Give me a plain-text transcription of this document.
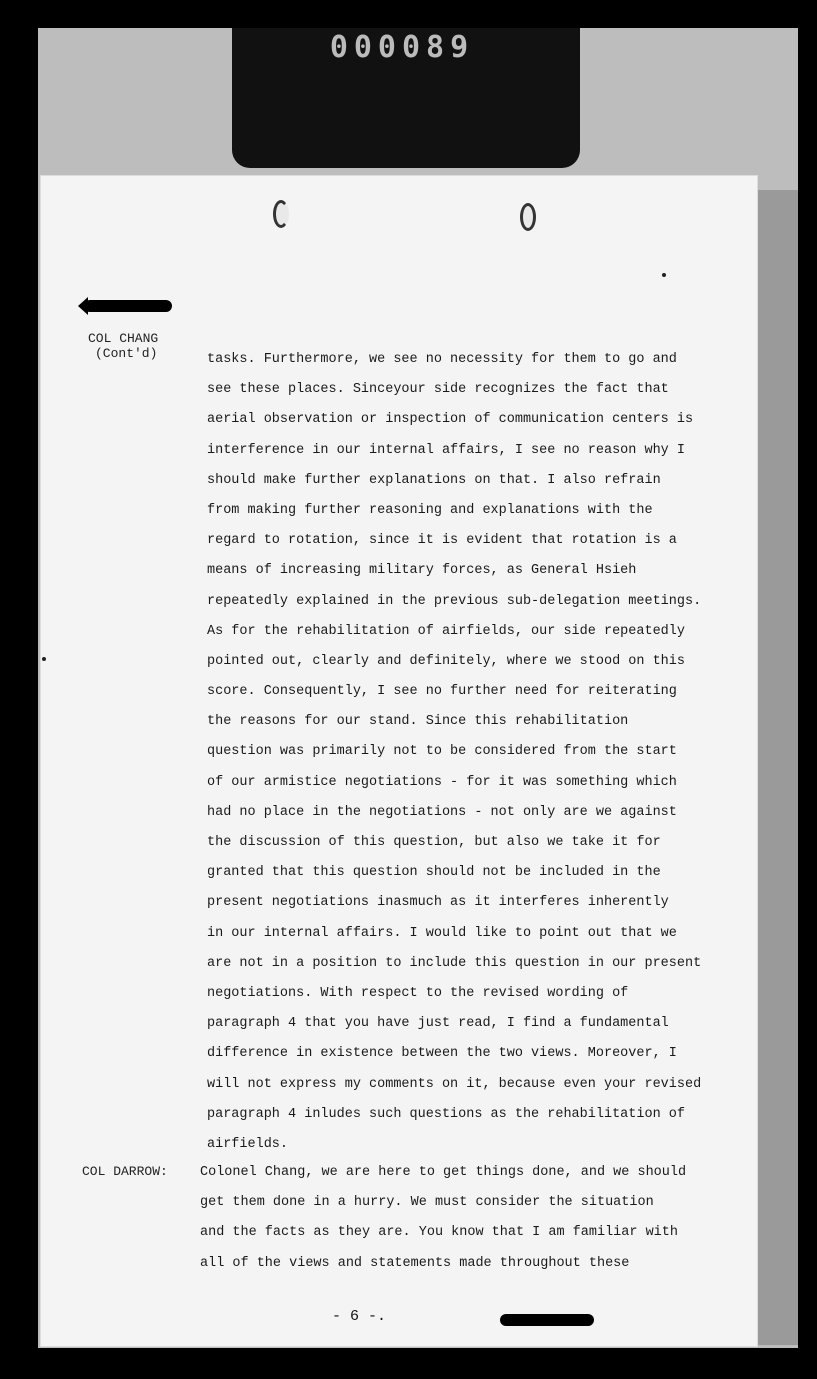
000089
COL CHANG
(Cont'd)	tasks. Furthermore, we see no necessity for them to go and
see these places. Sinceyour side recognizes the fact that
aerial observation or inspection of communication centers is
interference in our internal affairs, I see no reason why I
should make further explanations on that. I also refrain
from making further reasoning and explanations with the
regard to rotation, since it is evident that rotation is a
means of increasing military forces, as General Hsieh
repeatedly explained in the previous sub-delegation meetings.
As for the rehabilitation of airfields, our side repeatedly
pointed out, clearly and definitely, where we stood on this
score. Consequently, I see no further need for reiterating
the reasons for our stand. Since this rehabilitation
question was primarily not to be considered from the start
of our armistice negotiations - for it was something which
had no place in the negotiations - not only are we against
the discussion of this question, but also we take it for
granted that this question should not be included in the
present negotiations inasmuch as it interferes inherently
in our internal affairs. I would like to point out that we
are not in a position to include this question in our present
negotiations. With respect to the revised wording of
paragraph 4 that you have just read, I find a fundamental
difference in existence between the two views. Moreover, I
will not express my comments on it, because even your revised
paragraph 4 inludes such questions as the rehabilitation of
airfields.
COL DARROW: Colonel Chang, we are here to get things done, and we should
get them done in a hurry. We must consider the situation
and the facts as they are. You know that I am familiar with
all of the views and statements made throughout these
- 6 -.
